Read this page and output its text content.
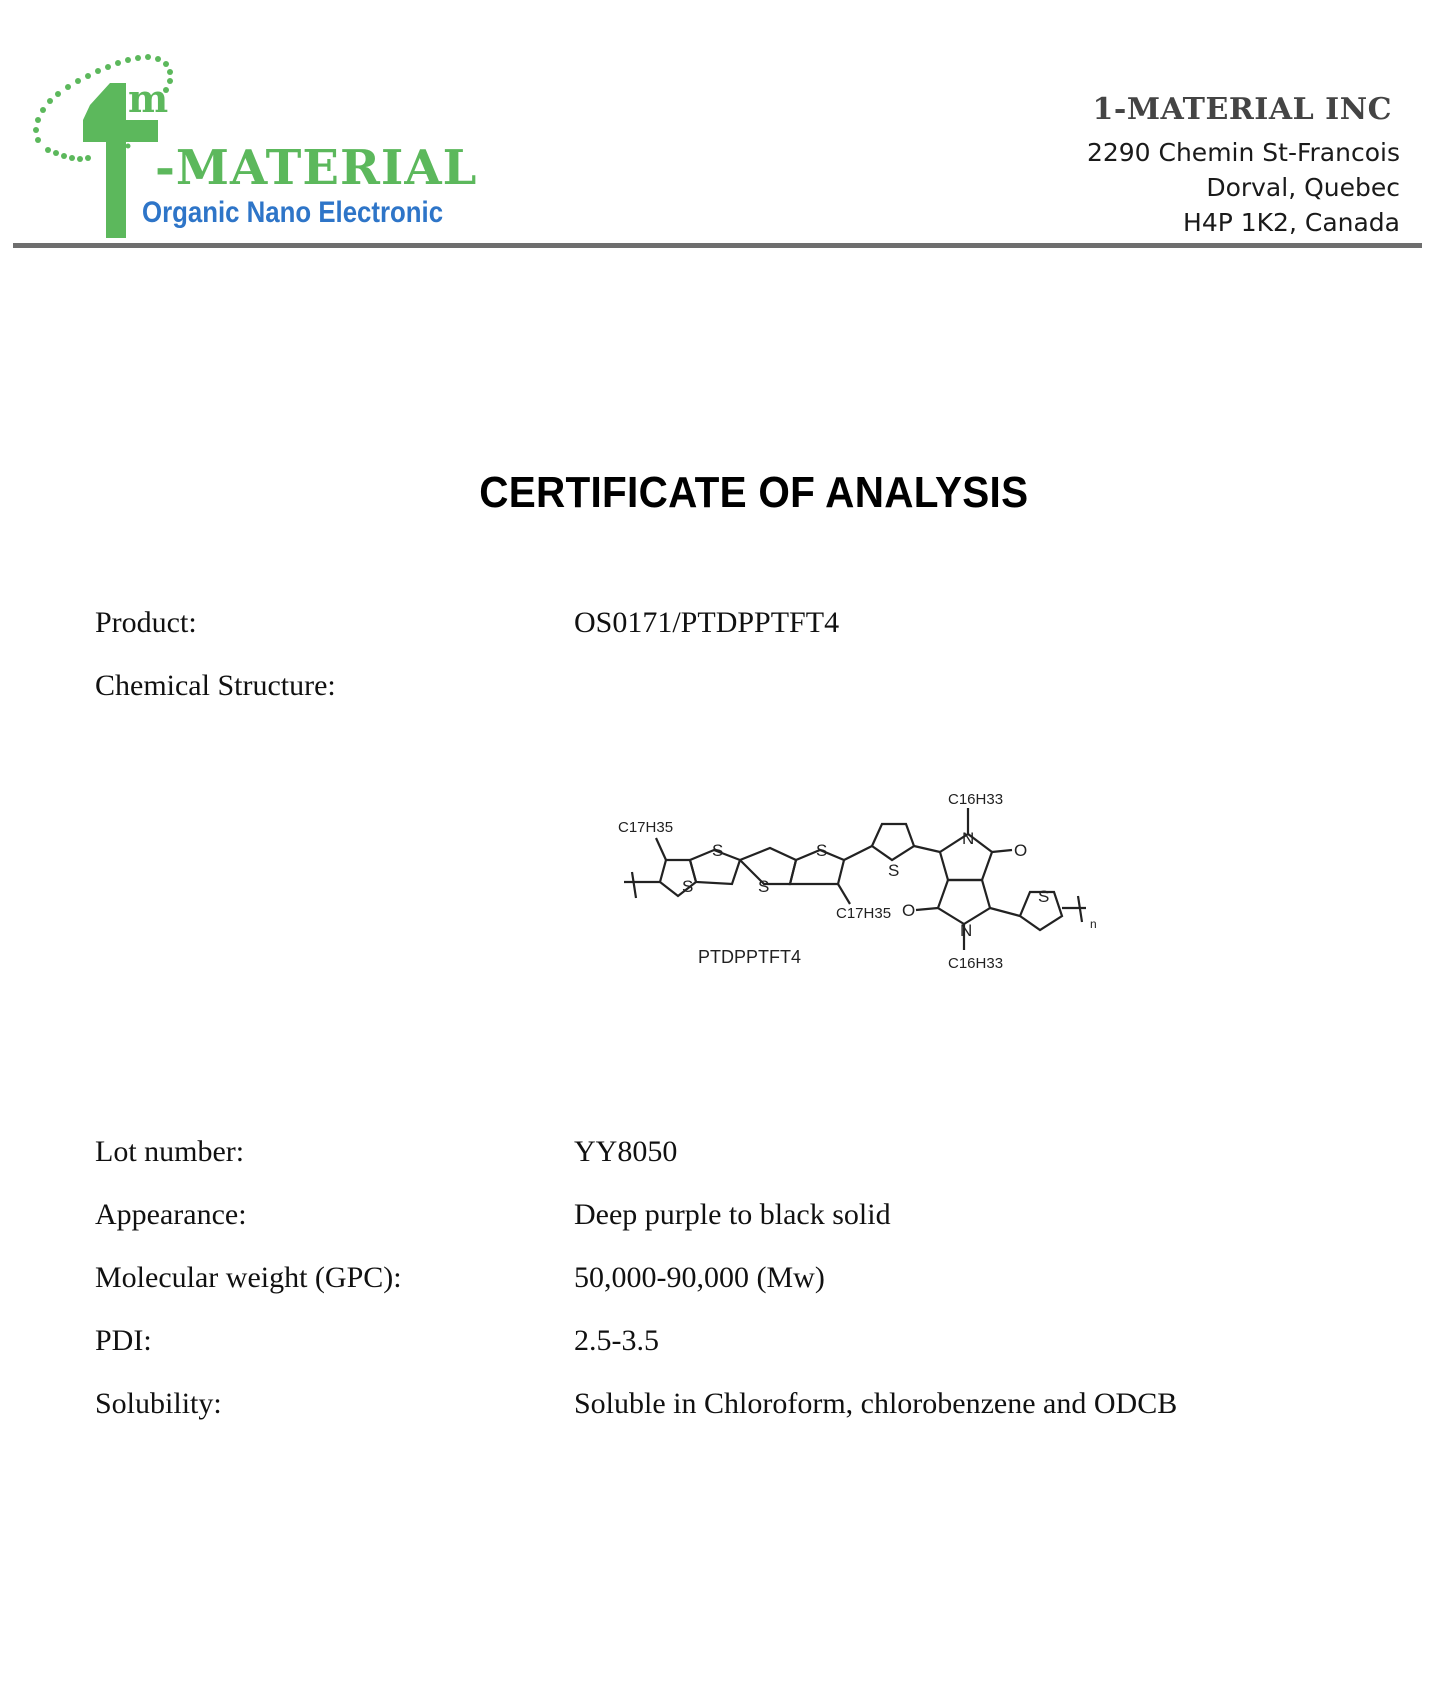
m
-MATERIAL
Organic Nano Electronic
1-MATERIAL INC
2290 Chemin St-Francois
Dorval, Quebec
H4P 1K2, Canada
CERTIFICATE OF ANALYSIS
Product:	OS0171/PTDPPTFT4
Chemical Structure:
S
S
S
S
S
S
N
N
O
O
n
C17H35
C17H35
C16H33
C16H33
PTDPPTFT4
Lot number:	YY8050
Appearance:	Deep purple to black solid
Molecular weight (GPC):	50,000-90,000 (Mw)
PDI:	2.5-3.5
Solubility:	Soluble in Chloroform, chlorobenzene and ODCB
